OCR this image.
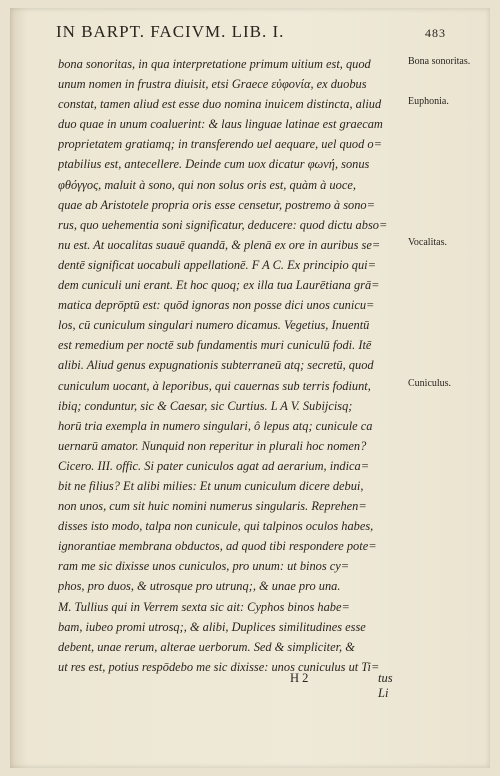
IN BARPT. FACIVM. LIB. I.	483
bona sonoritas, in qua interpretatione primum uitium est, quod
unum nomen in frustra diuisit, etsi Graece εὐφονία, ex duobus
constat, tamen aliud est esse duo nomina inuicem distincta, aliud
duo quae in unum coaluerint: & laus linguae latinae est graecam
proprietatem gratiamq; in transferendo uel aequare, uel quod o=
ptabilius est, antecellere. Deinde cum uox dicatur φωνή, sonus
φθόγγος, maluit à sono, qui non solus oris est, quàm à uoce,
quae ab Aristotele propria oris esse censetur, postremo à sono=
rus, quo uehementia soni significatur, deducere: quod dictu abso=
nu est. At uocalitas suauē quandā, & plenā ex ore in auribus se=
dentē significat uocabuli appellationē. F A C. Ex principio qui=
dem cuniculi uni erant. Et hoc quoq; ex illa tua Laurētiana grā=
matica deprōptū est: quōd ignoras non posse dici unos cunicu=
los, cū cuniculum singulari numero dicamus. Vegetius, Inuentū
est remedium per noctē sub fundamentis muri cuniculū fodi. Itē
alibi. Aliud genus expugnationis subterraneū atq; secretū, quod
cuniculum uocant, à leporibus, qui cauernas sub terris fodiunt,
ibiq; conduntur, sic & Caesar, sic Curtius. L A V. Subijcisq;
horū tria exempla in numero singulari, ô lepus atq; cunicule ca
uernarū amator. Nunquid non reperitur in plurali hoc nomen?
Cicero. III. offic. Si pater cuniculos agat ad aerarium, indica=
bit ne filius? Et alibi milies: Et unum cuniculum dicere debui,
non unos, cum sit huic nomini numerus singularis. Reprehen=
disses isto modo, talpa non cunicule, qui talpinos oculos habes,
ignorantiae membrana obductos, ad quod tibi respondere pote=
ram me sic dixisse unos cuniculos, pro unum: ut binos cy=
phos, pro duos, & utrosque pro utrunq;, & unae pro una.
M. Tullius qui in Verrem sexta sic ait: Cyphos binos habe=
bam, iubeo promi utrosq;, & alibi, Duplices similitudines esse
debent, unae rerum, alterae uerborum. Sed & simpliciter, &
ut res est, potius respōdebo me sic dixisse: unos cuniculus ut Ti=
Bona sonoritas.
Euphonia.
Vocalitas.
Cuniculus.
H 2	tus Li
